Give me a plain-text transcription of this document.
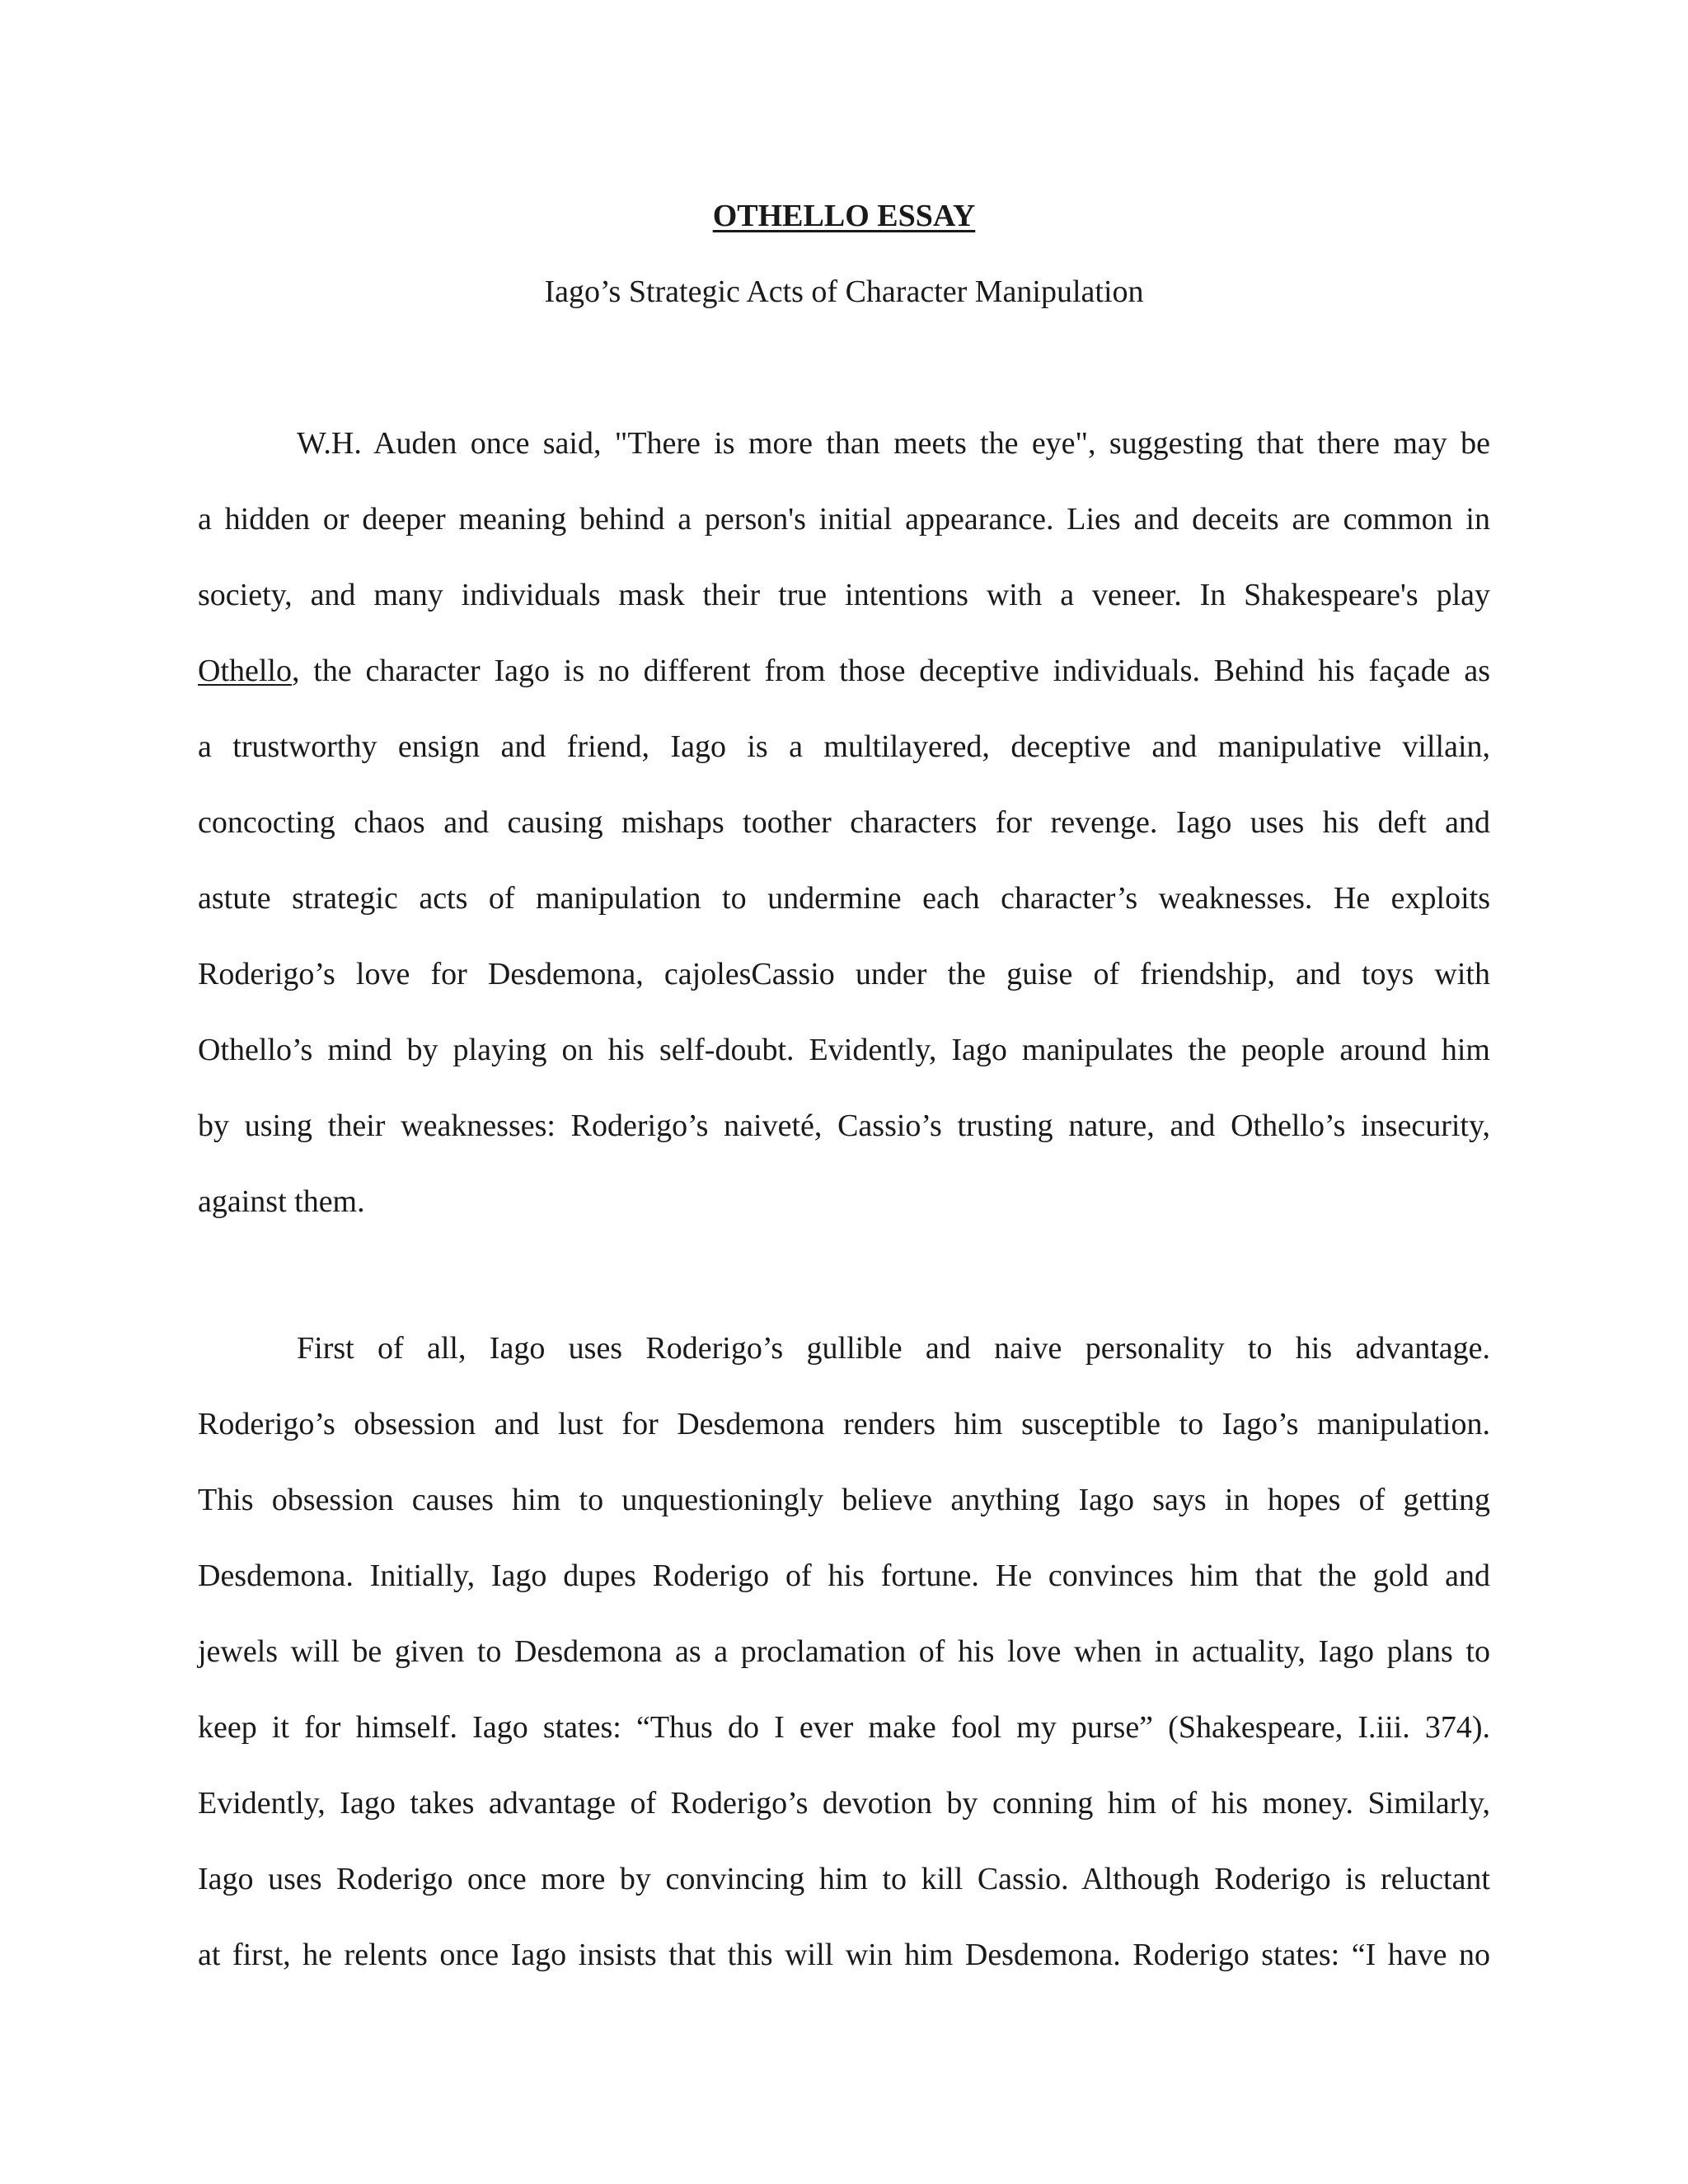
OTHELLO ESSAY
Iago’s Strategic Acts of Character Manipulation
W.H. Auden once said, "There is more than meets the eye", suggesting that there may be
a hidden or deeper meaning behind a person's initial appearance. Lies and deceits are common in
society, and many individuals mask their true intentions with a veneer. In Shakespeare's play
Othello, the character Iago is no different from those deceptive individuals. Behind his façade as
a trustworthy ensign and friend, Iago is a multilayered, deceptive and manipulative villain,
concocting chaos and causing mishaps toother characters for revenge. Iago uses his deft and
astute strategic acts of manipulation to undermine each character’s weaknesses. He exploits
Roderigo’s love for Desdemona, cajolesCassio under the guise of friendship, and toys with
Othello’s mind by playing on his self-doubt. Evidently, Iago manipulates the people around him
by using their weaknesses: Roderigo’s naiveté, Cassio’s trusting nature, and Othello’s insecurity,
against them.
First of all, Iago uses Roderigo’s gullible and naive personality to his advantage.
Roderigo’s obsession and lust for Desdemona renders him susceptible to Iago’s manipulation.
This obsession causes him to unquestioningly believe anything Iago says in hopes of getting
Desdemona. Initially, Iago dupes Roderigo of his fortune. He convinces him that the gold and
jewels will be given to Desdemona as a proclamation of his love when in actuality, Iago plans to
keep it for himself. Iago states: “Thus do I ever make fool my purse” (Shakespeare, I.iii. 374).
Evidently, Iago takes advantage of Roderigo’s devotion by conning him of his money. Similarly,
Iago uses Roderigo once more by convincing him to kill Cassio. Although Roderigo is reluctant
at first, he relents once Iago insists that this will win him Desdemona. Roderigo states: “I have no
